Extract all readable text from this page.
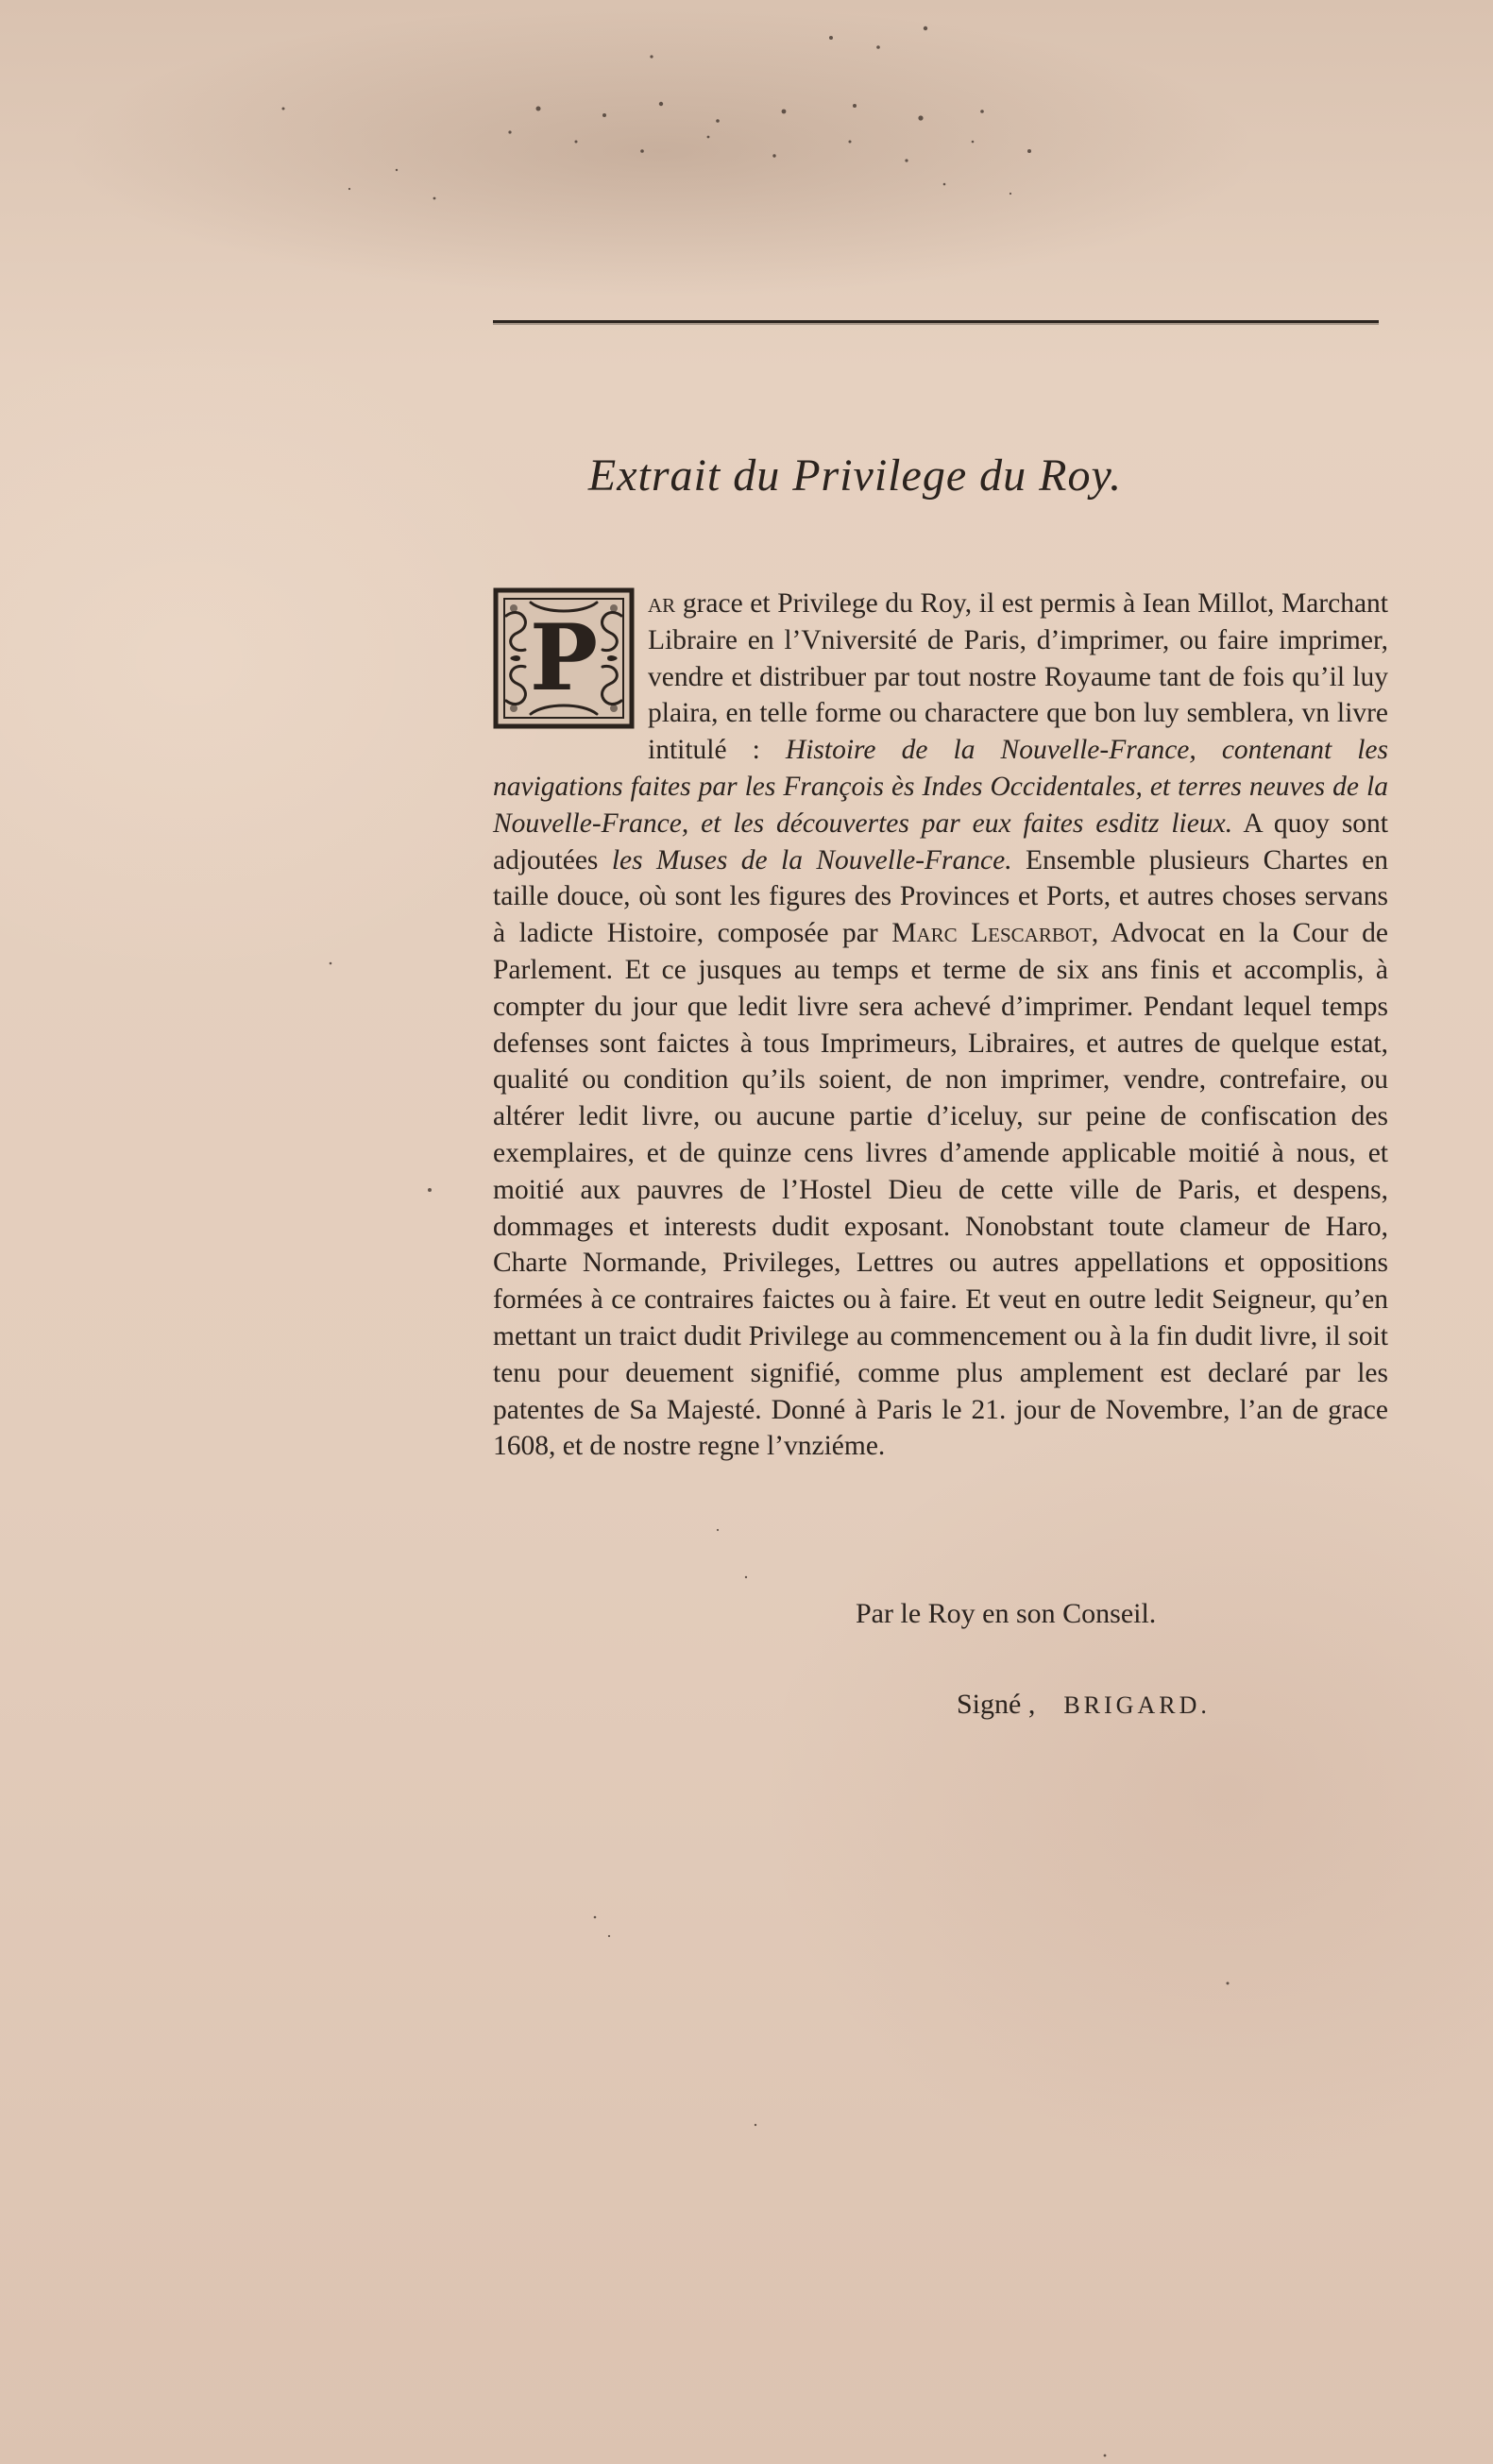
Extrait du Privilege du Roy.
P
ar grace et Privilege du Roy, il est permis à Iean Millot, Marchant Libraire en l’Vniversité de Paris, d’imprimer, ou faire imprimer, vendre et distribuer par tout nostre Royaume tant de fois qu’il luy plaira, en telle forme ou charactere que bon luy semblera, vn livre intitulé : Histoire de la Nouvelle-France, contenant les navigations faites par les François ès Indes Occidentales, et terres neuves de la Nouvelle-France, et les découvertes par eux faites esditz lieux. A quoy sont adjoutées les Muses de la Nouvelle-France. Ensemble plusieurs Chartes en taille douce, où sont les figures des Provinces et Ports, et autres choses servans à ladicte Histoire, composée par Marc Lescarbot, Advocat en la Cour de Parlement. Et ce jusques au temps et terme de six ans finis et accomplis, à compter du jour que ledit livre sera achevé d’imprimer. Pendant lequel temps defenses sont faictes à tous Imprimeurs, Libraires, et autres de quelque estat, qualité ou condition qu’ils soient, de non imprimer, vendre, contrefaire, ou altérer ledit livre, ou aucune partie d’iceluy, sur peine de confiscation des exemplaires, et de quinze cens livres d’amende applicable moitié à nous, et moitié aux pauvres de l’Hostel Dieu de cette ville de Paris, et despens, dommages et interests dudit exposant. Nonobstant toute clameur de Haro, Charte Normande, Privileges, Lettres ou autres appellations et oppositions formées à ce contraires faictes ou à faire. Et veut en outre ledit Seigneur, qu’en mettant un traict dudit Privilege au commencement ou à la fin dudit livre, il soit tenu pour deuement signifié, comme plus amplement est declaré par les patentes de Sa Majesté. Donné à Paris le 21. jour de Novembre, l’an de grace 1608, et de nostre regne l’vnziéme.
Par le Roy en son Conseil.
Signé , BRIGARD.
